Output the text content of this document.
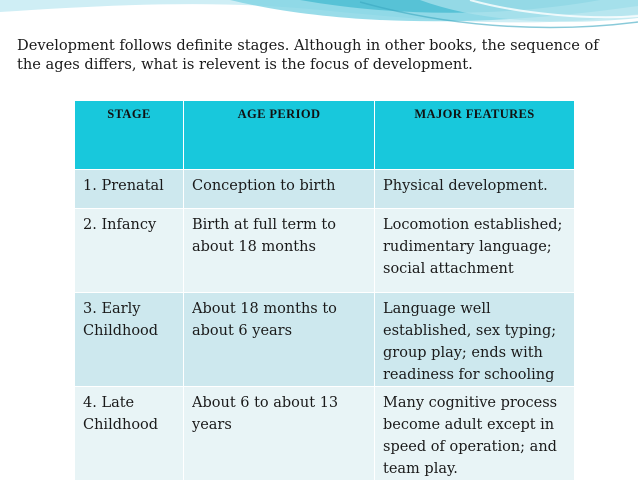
Development follows definite stages. Although in other books, the sequence of the ages differs, what is relevent is the focus of development.

STAGE	AGE PERIOD	MAJOR FEATURES

1. Prenatal	Conception to birth	Physical development.

2. Infancy	Birth at full term to about 18 months	Locomotion established; rudimentary language; social attachment

3. Early Childhood	About 18 months to about 6 years	Language well established, sex typing; group play; ends with readiness for schooling

4. Late Childhood	About 6 to about 13 years	Many cognitive process become adult except in speed of operation; and team play.
